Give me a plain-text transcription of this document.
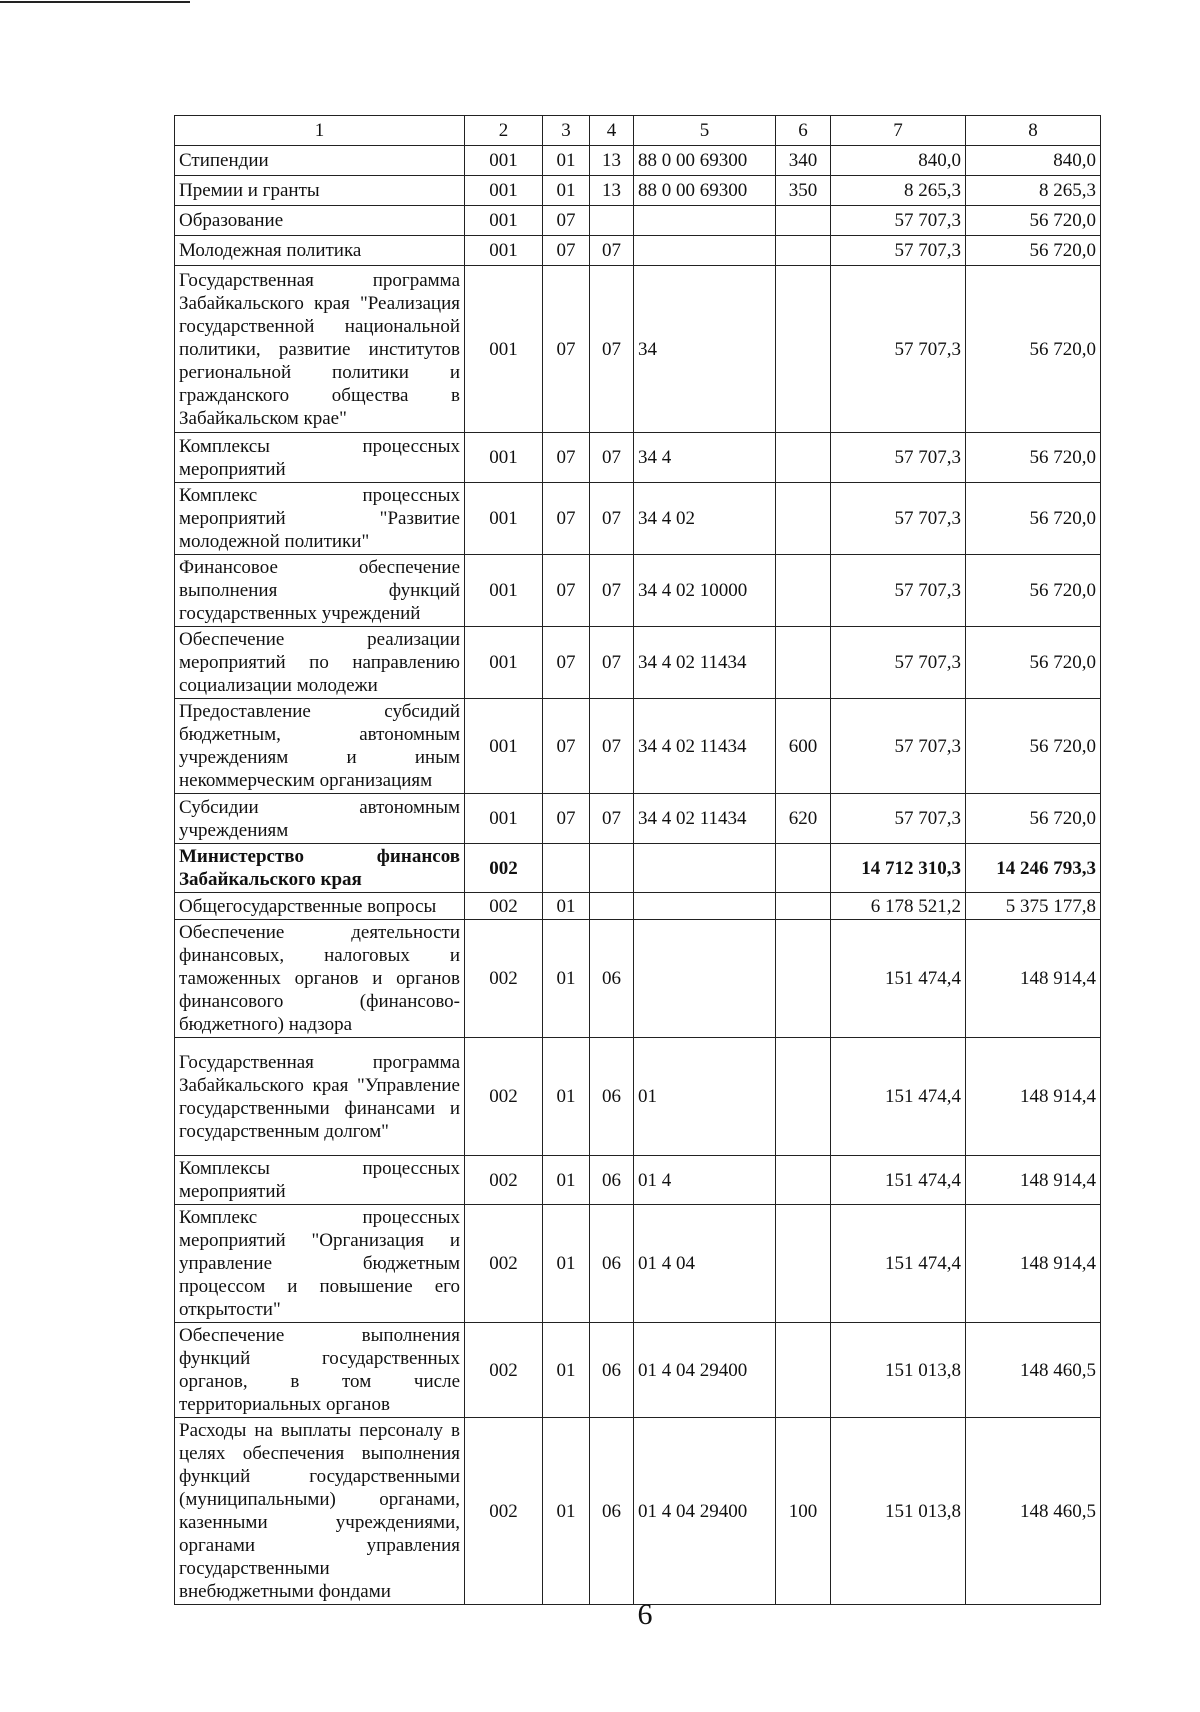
1	2	3	4	5	6	7	8
Стипендии	001	01	13	88 0 00 69300	340	840,0	840,0
Премии и гранты	001	01	13	88 0 00 69300	350	8 265,3	8 265,3
Образование	001	07				57 707,3	56 720,0
Молодежная политика	001	07	07			57 707,3	56 720,0
Государственная программа Забайкальского края "Реализация государственной национальной политики, развитие институтов региональной политики и гражданского общества в Забайкальском крае"	001	07	07	34		57 707,3	56 720,0
Комплексы процессных мероприятий	001	07	07	34 4		57 707,3	56 720,0
Комплекс процессных мероприятий "Развитие молодежной политики"	001	07	07	34 4 02		57 707,3	56 720,0
Финансовое обеспечение выполнения функций государственных учреждений	001	07	07	34 4 02 10000		57 707,3	56 720,0
Обеспечение реализации мероприятий по направлению социализации молодежи	001	07	07	34 4 02 11434		57 707,3	56 720,0
Предоставление субсидий бюджетным, автономным учреждениям и иным некоммерческим организациям	001	07	07	34 4 02 11434	600	57 707,3	56 720,0
Субсидии автономным учреждениям	001	07	07	34 4 02 11434	620	57 707,3	56 720,0
Министерство финансов Забайкальского края	002					14 712 310,3	14 246 793,3
Общегосударственные вопросы	002	01				6 178 521,2	5 375 177,8
Обеспечение деятельности финансовых, налоговых и таможенных органов и органов финансового (финансово-бюджетного) надзора	002	01	06			151 474,4	148 914,4
Государственная программа Забайкальского края "Управление государственными финансами и государственным долгом"	002	01	06	01		151 474,4	148 914,4
Комплексы процессных мероприятий	002	01	06	01 4		151 474,4	148 914,4
Комплекс процессных мероприятий "Организация и управление бюджетным процессом и повышение его открытости"	002	01	06	01 4 04		151 474,4	148 914,4
Обеспечение выполнения функций государственных органов, в том числе территориальных органов	002	01	06	01 4 04 29400		151 013,8	148 460,5
Расходы на выплаты персоналу в целях обеспечения выполнения функций государственными (муниципальными) органами, казенными учреждениями, органами управления государственными внебюджетными фондами	002	01	06	01 4 04 29400	100	151 013,8	148 460,5
6
